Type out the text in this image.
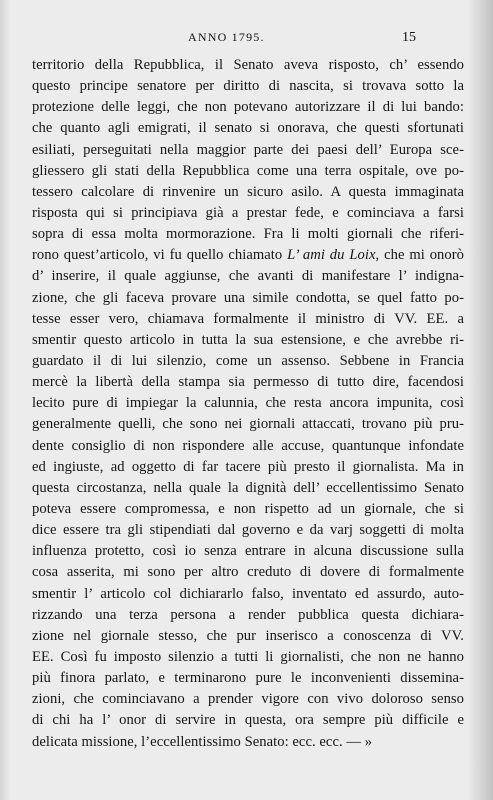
ANNO 1795.	15
territorio della Repubblica, il Senato aveva risposto, ch’ essendo
questo principe senatore per diritto di nascita, si trovava sotto la
protezione delle leggi, che non potevano autorizzare il di lui bando:
che quanto agli emigrati, il senato si onorava, che questi sfortunati
esiliati, perseguitati nella maggior parte dei paesi dell’ Europa sce-
gliessero gli stati della Repubblica come una terra ospitale, ove po-
tessero calcolare di rinvenire un sicuro asilo. A questa immaginata
risposta qui si principiava già a prestar fede, e cominciava a farsi
sopra di essa molta mormorazione. Fra li molti giornali che riferi-
rono quest’articolo, vi fu quello chiamato L’ ami du Loix, che mi onorò
d’ inserire, il quale aggiunse, che avanti di manifestare l’ indigna-
zione, che gli faceva provare una simile condotta, se quel fatto po-
tesse esser vero, chiamava formalmente il ministro di VV. EE. a
smentir questo articolo in tutta la sua estensione, e che avrebbe ri-
guardato il di lui silenzio, come un assenso. Sebbene in Francia
mercè la libertà della stampa sia permesso di tutto dire, facendosi
lecito pure di impiegar la calunnia, che resta ancora impunita, così
generalmente quelli, che sono nei giornali attaccati, trovano più pru-
dente consiglio di non rispondere alle accuse, quantunque infondate
ed ingiuste, ad oggetto di far tacere più presto il giornalista. Ma in
questa circostanza, nella quale la dignità dell’ eccellentissimo Senato
poteva essere compromessa, e non rispetto ad un giornale, che si
dice essere tra gli stipendiati dal governo e da varj soggetti di molta
influenza protetto, così io senza entrare in alcuna discussione sulla
cosa asserita, mi sono per altro creduto di dovere di formalmente
smentir l’ articolo col dichiararlo falso, inventato ed assurdo, auto-
rizzando una terza persona a render pubblica questa dichiara-
zione nel giornale stesso, che pur inserisco a conoscenza di VV.
EE. Così fu imposto silenzio a tutti li giornalisti, che non ne hanno
più finora parlato, e terminarono pure le inconvenienti dissemina-
zioni, che cominciavano a prender vigore con vivo doloroso senso
di chi ha l’ onor di servire in questa, ora sempre più difficile e
delicata missione, l’eccellentissimo Senato: ecc. ecc. — »
